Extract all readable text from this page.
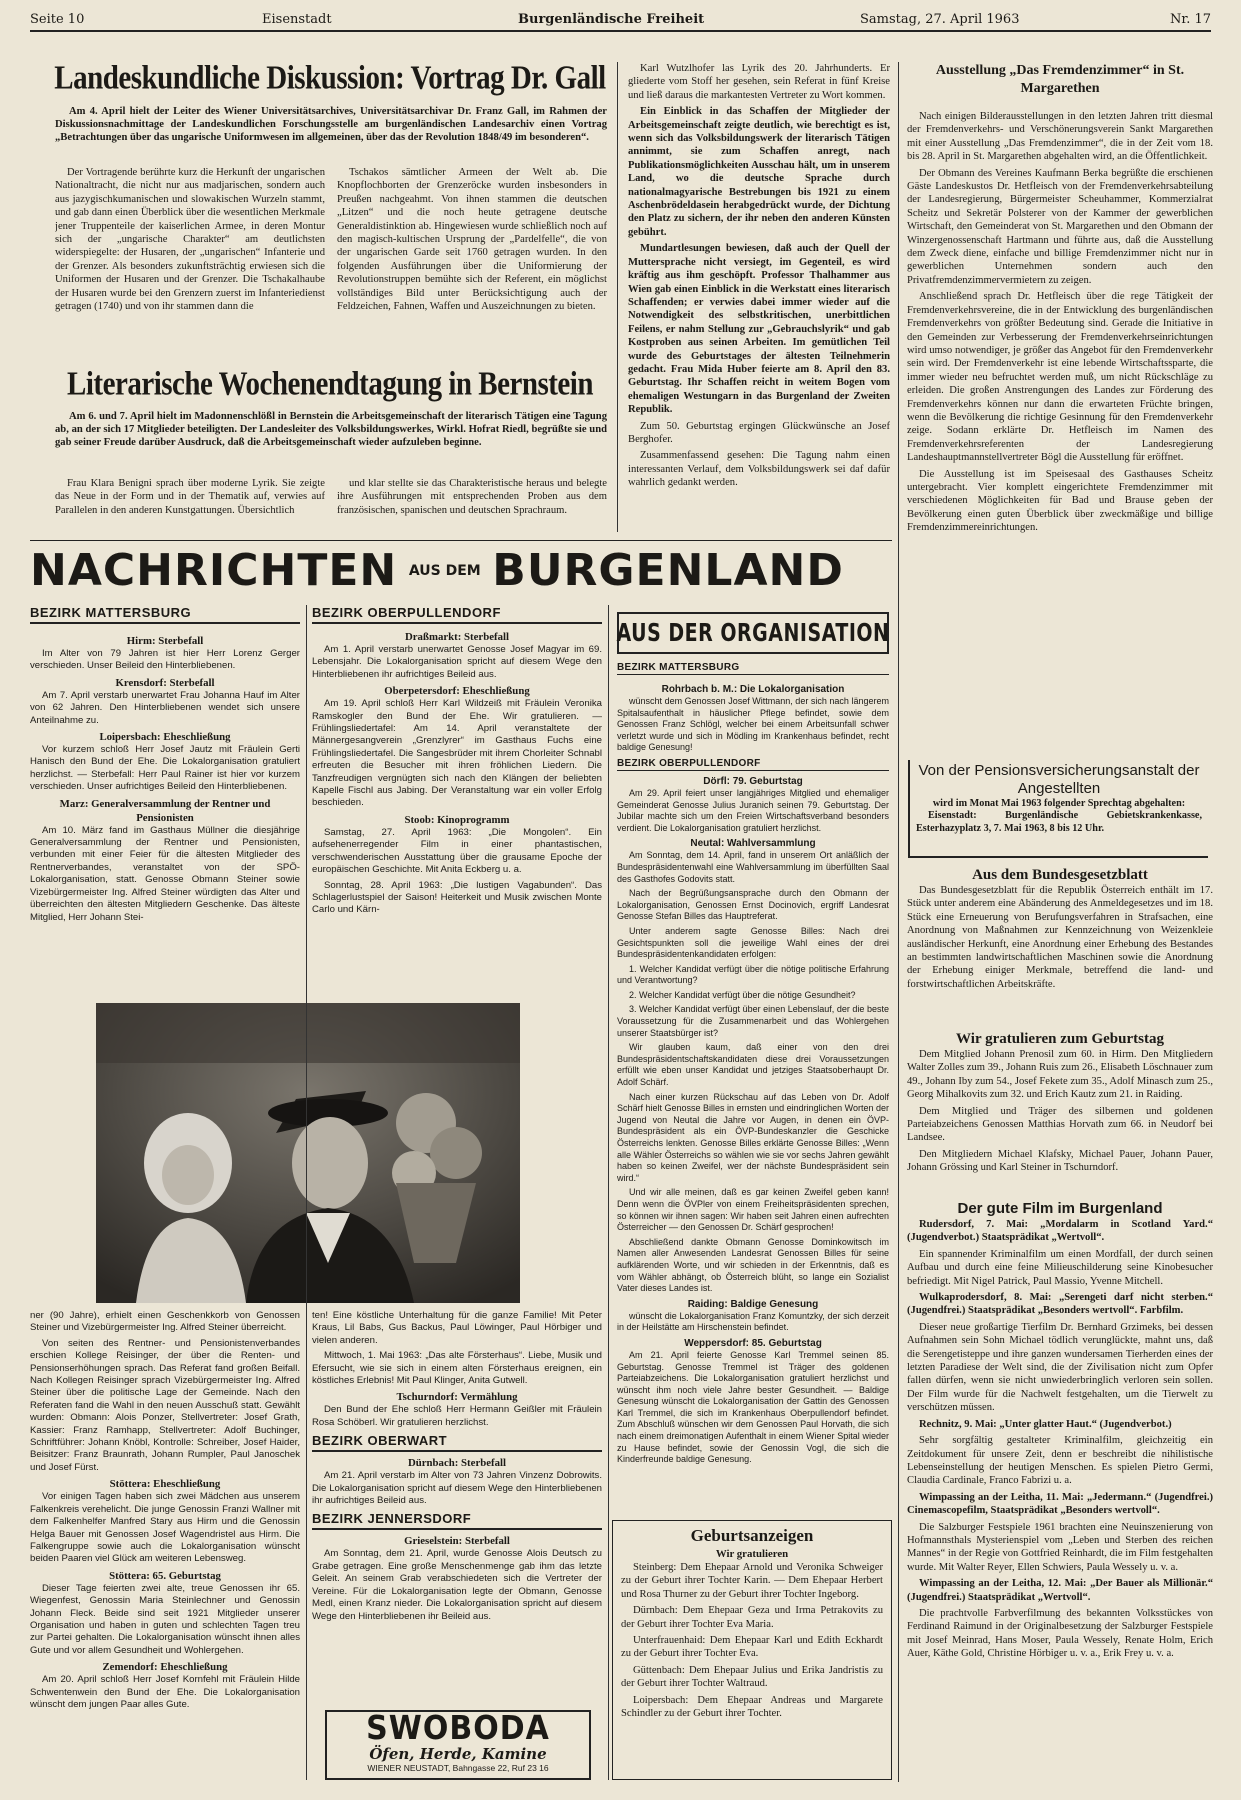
Seite 10	Eisenstadt	Burgenländische Freiheit	Samstag, 27. April 1963	Nr. 17
Landeskundliche Diskussion: Vortrag Dr. Gall
Am 4. April hielt der Leiter des Wiener Universitätsarchives, Universitätsarchivar Dr. Franz Gall, im Rahmen der Diskussionsnachmittage der Landeskundlichen Forschungsstelle am burgenländischen Landesarchiv einen Vortrag „Betrachtungen über das ungarische Uniformwesen im allgemeinen, über das der Revolution 1848/49 im besonderen“.
Der Vortragende berührte kurz die Herkunft der ungarischen Nationaltracht, die nicht nur aus madjarischen, sondern auch aus jazygischkumanischen und slowakischen Wurzeln stammt, und gab dann einen Überblick über die wesentlichen Merkmale jener Truppenteile der kaiserlichen Armee, in deren Montur sich der „ungarische Charakter“ am deutlichsten widerspiegelte: der Husaren, der „ungarischen“ Infanterie und der Grenzer. Als besonders zukunftsträchtig erwiesen sich die Uniformen der Husaren und der Grenzer. Die Tschakalhaube der Husaren wurde bei den Grenzern zuerst im Infanteriedienst getragen (1740) und von ihr stammen dann die
Tschakos sämtlicher Armeen der Welt ab. Die Knopflochborten der Grenzeröcke wurden insbesonders in Preußen nachgeahmt. Von ihnen stammen die deutschen „Litzen“ und die noch heute getragene deutsche Generaldistinktion ab. Hingewiesen wurde schließlich noch auf den magisch-kultischen Ursprung der „Pardelfelle“, die von der ungarischen Garde seit 1760 getragen wurden. In den folgenden Ausführungen über die Uniformierung der Revolutionstruppen bemühte sich der Referent, ein möglichst vollständiges Bild unter Berücksichtigung auch der Feldzeichen, Fahnen, Waffen und Auszeichnungen zu bieten.
Literarische Wochenendtagung in Bernstein
Am 6. und 7. April hielt im Madonnenschlößl in Bernstein die Arbeitsgemeinschaft der literarisch Tätigen eine Tagung ab, an der sich 17 Mitglieder beteiligten. Der Landesleiter des Volksbildungswerkes, Wirkl. Hofrat Riedl, begrüßte sie und gab seiner Freude darüber Ausdruck, daß die Arbeitsgemeinschaft wieder aufzuleben beginne.
Frau Klara Benigni sprach über moderne Lyrik. Sie zeigte das Neue in der Form und in der Thematik auf, verwies auf Parallelen in den anderen Kunstgattungen. Übersichtlich
und klar stellte sie das Charakteristische heraus und belegte ihre Ausführungen mit entsprechenden Proben aus dem französischen, spanischen und deutschen Sprachraum.
Karl Wutzlhofer las Lyrik des 20. Jahrhunderts. Er gliederte vom Stoff her gesehen, sein Referat in fünf Kreise und ließ daraus die markantesten Vertreter zu Wort kommen.
Ein Einblick in das Schaffen der Mitglieder der Arbeitsgemeinschaft zeigte deutlich, wie berechtigt es ist, wenn sich das Volksbildungswerk der literarisch Tätigen annimmt, sie zum Schaffen anregt, nach Publikationsmöglichkeiten Ausschau hält, um in unserem Land, wo die deutsche Sprache durch nationalmagyarische Bestrebungen bis 1921 zu einem Aschenbrödeldasein herabgedrückt wurde, der Dichtung den Platz zu sichern, der ihr neben den anderen Künsten gebührt.
Mundartlesungen bewiesen, daß auch der Quell der Muttersprache nicht versiegt, im Gegenteil, es wird kräftig aus ihm geschöpft. Professor Thalhammer aus Wien gab einen Einblick in die Werkstatt eines literarisch Schaffenden; er verwies dabei immer wieder auf die Notwendigkeit des selbstkritischen, unerbittlichen Feilens, er nahm Stellung zur „Gebrauchslyrik“ und gab Kostproben aus seinen Arbeiten. Im gemütlichen Teil wurde des Geburtstages der ältesten Teilnehmerin gedacht. Frau Mida Huber feierte am 8. April den 83. Geburtstag. Ihr Schaffen reicht in weitem Bogen vom ehemaligen Westungarn in das Burgenland der Zweiten Republik.
Zum 50. Geburtstag ergingen Glückwünsche an Josef Berghofer.
Zusammenfassend gesehen: Die Tagung nahm einen interessanten Verlauf, dem Volksbildungswerk sei daf dafür wahrlich gedankt werden.
Ausstellung „Das Fremdenzimmer“ in St. Margarethen
Nach einigen Bilderausstellungen in den letzten Jahren tritt diesmal der Fremdenverkehrs- und Verschönerungsverein Sankt Margarethen mit einer Ausstellung „Das Fremdenzimmer“, die in der Zeit vom 18. bis 28. April in St. Margarethen abgehalten wird, an die Öffentlichkeit.
Der Obmann des Vereines Kaufmann Berka begrüßte die erschienen Gäste Landeskustos Dr. Hetfleisch von der Fremdenverkehrsabteilung der Landesregierung, Bürgermeister Scheuhammer, Kommerzialrat Scheitz und Sekretär Polsterer von der Kammer der gewerblichen Wirtschaft, den Gemeinderat von St. Margarethen und den Obmann der Winzergenossenschaft Hartmann und führte aus, daß die Ausstellung dem Zweck diene, einfache und billige Fremdenzimmer nicht nur in gewerblichen Unternehmen sondern auch den Privatfremdenzimmervermietern zu zeigen.
Anschließend sprach Dr. Hetfleisch über die rege Tätigkeit der Fremdenverkehrsvereine, die in der Entwicklung des burgenländischen Fremdenverkehrs von größter Bedeutung sind. Gerade die Initiative in den Gemeinden zur Verbesserung der Fremdenverkehrseinrichtungen wird umso notwendiger, je größer das Angebot für den Fremdenverkehr sein wird. Der Fremdenverkehr ist eine lebende Wirtschaftssparte, die immer wieder neu befruchtet werden muß, um nicht Rückschläge zu erleiden. Die großen Anstrengungen des Landes zur Förderung des Fremdenverkehrs können nur dann die erwarteten Früchte bringen, wenn die Bevölkerung die richtige Gesinnung für den Fremdenverkehr zeige. Sodann erklärte Dr. Hetfleisch im Namen des Fremdenverkehrsreferenten der Landesregierung Landeshauptmannstellvertreter Bögl die Ausstellung für eröffnet.
Die Ausstellung ist im Speisesaal des Gasthauses Scheitz untergebracht. Vier komplett eingerichtete Fremdenzimmer mit verschiedenen Möglichkeiten für Bad und Brause geben der Bevölkerung einen guten Überblick über zweckmäßige und billige Fremdenzimmereinrichtungen.
Von der Pensionsversicherungsanstalt der Angestellten
wird im Monat Mai 1963 folgender Sprechtag abgehalten:
Eisenstadt: Burgenländische Gebietskrankenkasse, Esterhazyplatz 3, 7. Mai 1963, 8 bis 12 Uhr.
Aus dem Bundesgesetzblatt
Das Bundesgesetzblatt für die Republik Österreich enthält im 17. Stück unter anderem eine Abänderung des Anmeldegesetzes und im 18. Stück eine Erneuerung von Berufungsverfahren in Strafsachen, eine Anordnung von Maßnahmen zur Kennzeichnung von Weizenkleie ausländischer Herkunft, eine Anordnung einer Erhebung des Bestandes an bestimmten landwirtschaftlichen Maschinen sowie die Anordnung der Erhebung einiger Merkmale, betreffend die land- und forstwirtschaftlichen Arbeitskräfte.
Wir gratulieren zum Geburtstag
Dem Mitglied Johann Prenosil zum 60. in Hirm. Den Mitgliedern Walter Zolles zum 39., Johann Ruis zum 26., Elisabeth Löschnauer zum 49., Johann Iby zum 54., Josef Fekete zum 35., Adolf Minasch zum 25., Georg Mihalkovits zum 32. und Erich Kautz zum 21. in Raiding.
Dem Mitglied und Träger des silbernen und goldenen Parteiabzeichens Genossen Matthias Horvath zum 66. in Neudorf bei Landsee.
Den Mitgliedern Michael Klafsky, Michael Pauer, Johann Pauer, Johann Grössing und Karl Steiner in Tschurndorf.
Der gute Film im Burgenland
Rudersdorf, 7. Mai: „Mordalarm in Scotland Yard.“ (Jugendverbot.) Staatsprädikat „Wertvoll“.
Ein spannender Kriminalfilm um einen Mordfall, der durch seinen Aufbau und durch eine feine Milieuschilderung seine Kinobesucher befriedigt. Mit Nigel Patrick, Paul Massio, Yvenne Mitchell.
Wulkaprodersdorf, 8. Mai: „Serengeti darf nicht sterben.“ (Jugendfrei.) Staatsprädikat „Besonders wertvoll“. Farbfilm.
Dieser neue großartige Tierfilm Dr. Bernhard Grzimeks, bei dessen Aufnahmen sein Sohn Michael tödlich verunglückte, mahnt uns, daß die Serengetisteppe und ihre ganzen wundersamen Tierherden eines der letzten Paradiese der Welt sind, die der Zivilisation nicht zum Opfer fallen dürfen, wenn sie nicht unwiederbringlich verloren sein sollen. Der Film wurde für die Nachwelt festgehalten, um die Tierwelt zu verschützen müssen.
Rechnitz, 9. Mai: „Unter glatter Haut.“ (Jugendverbot.)
Sehr sorgfältig gestalteter Kriminalfilm, gleichzeitig ein Zeitdokument für unsere Zeit, denn er beschreibt die nihilistische Lebenseinstellung der heutigen Menschen. Es spielen Pietro Germi, Claudia Cardinale, Franco Fabrizi u. a.
Wimpassing an der Leitha, 11. Mai: „Jedermann.“ (Jugendfrei.) Cinemascopefilm, Staatsprädikat „Besonders wertvoll“.
Die Salzburger Festspiele 1961 brachten eine Neuinszenierung von Hofmannsthals Mysterienspiel vom „Leben und Sterben des reichen Mannes“ in der Regie von Gottfried Reinhardt, die im Film festgehalten wurde. Mit Walter Reyer, Ellen Schwiers, Paula Wessely u. v. a.
Wimpassing an der Leitha, 12. Mai: „Der Bauer als Millionär.“ (Jugendfrei.) Staatsprädikat „Wertvoll“.
Die prachtvolle Farbverfilmung des bekannten Volksstückes von Ferdinand Raimund in der Originalbesetzung der Salzburger Festspiele mit Josef Meinrad, Hans Moser, Paula Wessely, Renate Holm, Erich Auer, Käthe Gold, Christine Hörbiger u. v. a., Erik Frey u. v. a.
NACHRICHTEN AUS DEM BURGENLAND
BEZIRK MATTERSBURG
Hirm: Sterbefall
Im Alter von 79 Jahren ist hier Herr Lorenz Gerger verschieden. Unser Beileid den Hinterbliebenen.
Krensdorf: Sterbefall
Am 7. April verstarb unerwartet Frau Johanna Hauf im Alter von 62 Jahren. Den Hinterbliebenen wendet sich unsere Anteilnahme zu.
Loipersbach: Eheschließung
Vor kurzem schloß Herr Josef Jautz mit Fräulein Gerti Hanisch den Bund der Ehe. Die Lokalorganisation gratuliert herzlichst. — Sterbefall: Herr Paul Rainer ist hier vor kurzem verschieden. Unser aufrichtiges Beileid den Hinterbliebenen.
Marz: Generalversammlung der Rentner und Pensionisten
Am 10. März fand im Gasthaus Müllner die diesjährige Generalversammlung der Rentner und Pensionisten, verbunden mit einer Feier für die ältesten Mitglieder des Rentnerverbandes, veranstaltet von der SPÖ-Lokalorganisation, statt. Genosse Obmann Steiner sowie Vizebürgermeister Ing. Alfred Steiner würdigten das Alter und überreichten den ältesten Mitgliedern Geschenke. Das älteste Mitglied, Herr Johann Stei-
BEZIRK OBERPULLENDORF
Draßmarkt: Sterbefall
Am 1. April verstarb unerwartet Genosse Josef Magyar im 69. Lebensjahr. Die Lokalorganisation spricht auf diesem Wege den Hinterbliebenen ihr aufrichtiges Beileid aus.
Oberpetersdorf: Eheschließung
Am 19. April schloß Herr Karl Wildzeiß mit Fräulein Veronika Ramskogler den Bund der Ehe. Wir gratulieren. — Frühlingsliedertafel: Am 14. April veranstaltete der Männergesangverein „Grenzlyrer“ im Gasthaus Fuchs eine Frühlingsliedertafel. Die Sangesbrüder mit ihrem Chorleiter Schnabl erfreuten die Besucher mit ihren fröhlichen Liedern. Die Tanzfreudigen vergnügten sich nach den Klängen der beliebten Kapelle Fischl aus Jabing. Der Veranstaltung war ein voller Erfolg beschieden.
Stoob: Kinoprogramm
Samstag, 27. April 1963: „Die Mongolen“. Ein aufsehenerregender Film in einer phantastischen, verschwenderischen Ausstattung über die grausame Epoche der europäischen Geschichte. Mit Anita Eckberg u. a.
Sonntag, 28. April 1963: „Die lustigen Vagabunden“. Das Schlagerlustspiel der Saison! Heiterkeit und Musik zwischen Monte Carlo und Kärn-
ner (90 Jahre), erhielt einen Geschenkkorb von Genossen Steiner und Vizebürgermeister Ing. Alfred Steiner überreicht.
Von seiten des Rentner- und Pensionistenverbandes erschien Kollege Reisinger, der über die Renten- und Pensionserhöhungen sprach. Das Referat fand großen Beifall. Nach Kollegen Reisinger sprach Vizebürgermeister Ing. Alfred Steiner über die politische Lage der Gemeinde. Nach den Referaten fand die Wahl in den neuen Ausschuß statt. Gewählt wurden: Obmann: Alois Ponzer, Stellvertreter: Josef Grath, Kassier: Franz Ramhapp, Stellvertreter: Adolf Buchinger, Schriftführer: Johann Knöbl, Kontrolle: Schreiber, Josef Haider, Beisitzer: Franz Braunrath, Johann Rumpler, Paul Janoschek und Josef Fürst.
Stöttera: Eheschließung
Vor einigen Tagen haben sich zwei Mädchen aus unserem Falkenkreis verehelicht. Die junge Genossin Franzi Wallner mit dem Falkenhelfer Manfred Stary aus Hirm und die Genossin Helga Bauer mit Genossen Josef Wagendristel aus Hirm. Die Falkengruppe sowie auch die Lokalorganisation wünscht beiden Paaren viel Glück am weiteren Lebensweg.
Stöttera: 65. Geburtstag
Dieser Tage feierten zwei alte, treue Genossen ihr 65. Wiegenfest, Genossin Maria Steinlechner und Genossin Johann Fleck. Beide sind seit 1921 Mitglieder unserer Organisation und haben in guten und schlechten Tagen treu zur Partei gehalten. Die Lokalorganisation wünscht ihnen alles Gute und vor allem Gesundheit und Wohlergehen.
Zemendorf: Eheschließung
Am 20. April schloß Herr Josef Kornfehl mit Fräulein Hilde Schwentenwein den Bund der Ehe. Die Lokalorganisation wünscht dem jungen Paar alles Gute.
ten! Eine köstliche Unterhaltung für die ganze Familie! Mit Peter Kraus, Lil Babs, Gus Backus, Paul Löwinger, Paul Hörbiger und vielen anderen.
Mittwoch, 1. Mai 1963: „Das alte Försterhaus“. Liebe, Musik und Efersucht, wie sie sich in einem alten Försterhaus ereignen, ein köstliches Erlebnis! Mit Paul Klinger, Anita Gutwell.
Tschurndorf: Vermählung
Den Bund der Ehe schloß Herr Hermann Geißler mit Fräulein Rosa Schöberl. Wir gratulieren herzlichst.
BEZIRK OBERWART
Dürnbach: Sterbefall
Am 21. April verstarb im Alter von 73 Jahren Vinzenz Dobrowits. Die Lokalorganisation spricht auf diesem Wege den Hinterbliebenen ihr aufrichtiges Beileid aus.
BEZIRK JENNERSDORF
Grieselstein: Sterbefall
Am Sonntag, dem 21. April, wurde Genosse Alois Deutsch zu Grabe getragen. Eine große Menschenmenge gab ihm das letzte Geleit. An seinem Grab verabschiedeten sich die Vertreter der Vereine. Für die Lokalorganisation legte der Obmann, Genosse Medl, einen Kranz nieder. Die Lokalorganisation spricht auf diesem Wege den Hinterbliebenen ihr Beileid aus.
SWOBODA
Öfen, Herde, Kamine
WIENER NEUSTADT, Bahngasse 22, Ruf 23 16
AUS DER ORGANISATION
BEZIRK MATTERSBURG
Rohrbach b. M.: Die Lokalorganisation
wünscht dem Genossen Josef Wittmann, der sich nach längerem Spitalsaufenthalt in häuslicher Pflege befindet, sowie dem Genossen Franz Schlögl, welcher bei einem Arbeitsunfall schwer verletzt wurde und sich in Mödling im Krankenhaus befindet, recht baldige Genesung!
BEZIRK OBERPULLENDORF
Dörfl: 79. Geburtstag
Am 29. April feiert unser langjähriges Mitglied und ehemaliger Gemeinderat Genosse Julius Juranich seinen 79. Geburtstag. Der Jubilar machte sich um den Freien Wirtschaftsverband besonders verdient. Die Lokalorganisation gratuliert herzlichst.
Neutal: Wahlversammlung
Am Sonntag, dem 14. April, fand in unserem Ort anläßlich der Bundespräsidentenwahl eine Wahlversammlung im überfüllten Saal des Gasthofes Godovits statt.
Nach der Begrüßungsansprache durch den Obmann der Lokalorganisation, Genossen Ernst Docinovich, ergriff Landesrat Genosse Stefan Billes das Hauptreferat.
Unter anderem sagte Genosse Billes: Nach drei Gesichtspunkten soll die jeweilige Wahl eines der drei Bundespräsidentenkandidaten erfolgen:
1. Welcher Kandidat verfügt über die nötige politische Erfahrung und Verantwortung?
2. Welcher Kandidat verfügt über die nötige Gesundheit?
3. Welcher Kandidat verfügt über einen Lebenslauf, der die beste Voraussetzung für die Zusammenarbeit und das Wohlergehen unserer Staatsbürger ist?
Wir glauben kaum, daß einer von den drei Bundespräsidentschaftskandidaten diese drei Voraussetzungen erfüllt wie eben unser Kandidat und jetziges Staatsoberhaupt Dr. Adolf Schärf.
Nach einer kurzen Rückschau auf das Leben von Dr. Adolf Schärf hielt Genosse Billes in ernsten und eindringlichen Worten der Jugend von Neutal die Jahre vor Augen, in denen ein ÖVP-Bundespräsident als ein ÖVP-Bundeskanzler die Geschicke Österreichs lenkten. Genosse Billes erklärte Genosse Billes: „Wenn alle Wähler Österreichs so wählen wie sie vor sechs Jahren gewählt haben so keinen Zweifel, wer der nächste Bundespräsident sein wird.“
Und wir alle meinen, daß es gar keinen Zweifel geben kann! Denn wenn die ÖVPler von einem Freiheitspräsidenten sprechen, so können wir ihnen sagen: Wir haben seit Jahren einen aufrechten Österreicher — den Genossen Dr. Schärf gesprochen!
Abschließend dankte Obmann Genosse Dominkowitsch im Namen aller Anwesenden Landesrat Genossen Billes für seine aufklärenden Worte, und wir schieden in der Erkenntnis, daß es vom Wähler abhängt, ob Österreich blüht, so lange ein Sozialist Vater dieses Landes ist.
Raiding: Baldige Genesung
wünscht die Lokalorganisation Franz Komuntzky, der sich derzeit in der Heilstätte am Hirschenstein befindet.
Weppersdorf: 85. Geburtstag
Am 21. April feierte Genosse Karl Tremmel seinen 85. Geburtstag. Genosse Tremmel ist Träger des goldenen Parteiabzeichens. Die Lokalorganisation gratuliert herzlichst und wünscht ihm noch viele Jahre bester Gesundheit. — Baldige Genesung wünscht die Lokalorganisation der Gattin des Genossen Karl Tremmel, die sich im Krankenhaus Oberpullendorf befindet. Zum Abschluß wünschen wir dem Genossen Paul Horvath, die sich nach einem dreimonatigen Aufenthalt in einem Wiener Spital wieder zu Hause befindet, sowie der Genossin Vogl, die sich die Kinderfreunde baldige Genesung.
Geburtsanzeigen
Wir gratulieren
Steinberg: Dem Ehepaar Arnold und Veronika Schweiger zu der Geburt ihrer Tochter Karin. — Dem Ehepaar Herbert und Rosa Thurner zu der Geburt ihrer Tochter Ingeborg.
Dürnbach: Dem Ehepaar Geza und Irma Petrakovits zu der Geburt ihrer Tochter Eva Maria.
Unterfrauenhaid: Dem Ehepaar Karl und Edith Eckhardt zu der Geburt ihrer Tochter Eva.
Güttenbach: Dem Ehepaar Julius und Erika Jandristis zu der Geburt ihrer Tochter Waltraud.
Loipersbach: Dem Ehepaar Andreas und Margarete Schindler zu der Geburt ihrer Tochter.
